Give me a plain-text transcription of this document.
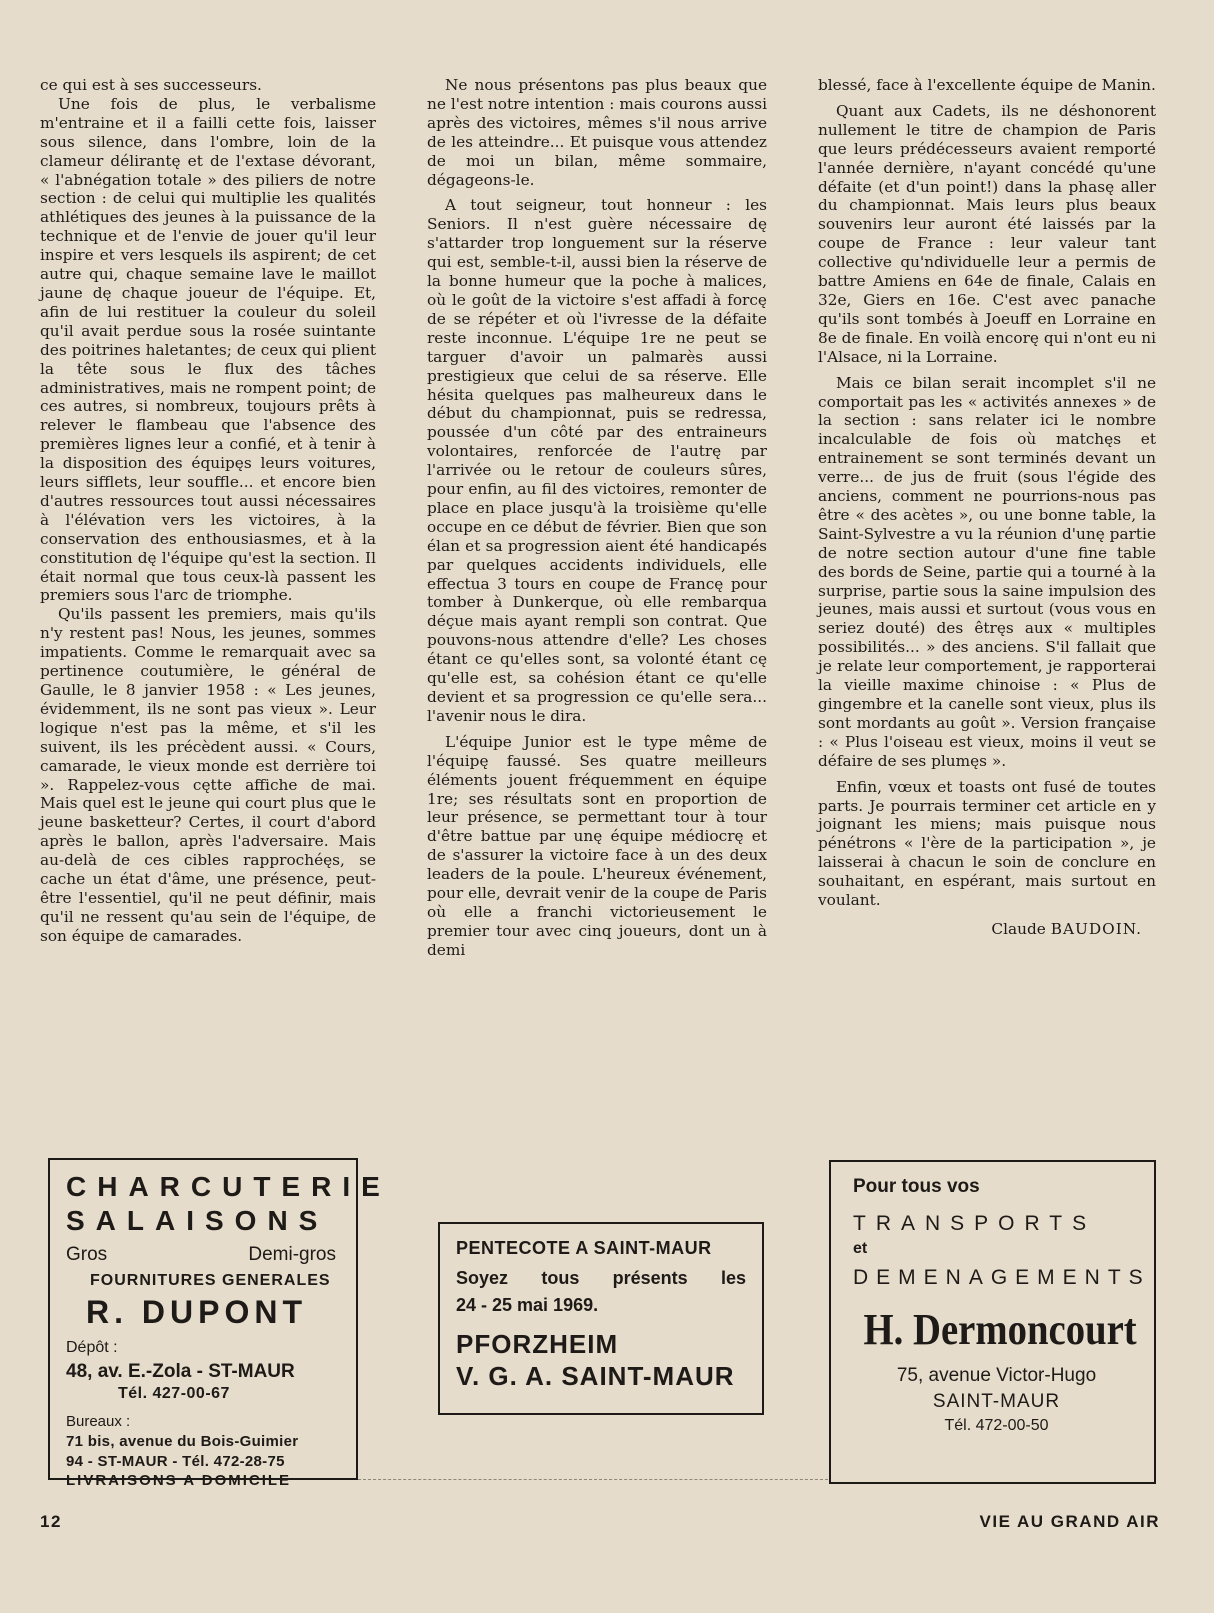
ce qui est à ses successeurs.

Une fois de plus, le verbalisme m'entraine et il a failli cette fois, laisser sous silence, dans l'ombre, loin de la clameur délirantę et de l'extase dévorant, « l'abnégation totale » des piliers de notre section : de celui qui multiplie les qualités athlétiques des jeunes à la puissance de la technique et de l'envie de jouer qu'il leur inspire et vers lesquels ils aspirent; de cet autre qui, chaque semaine lave le maillot jaune dę chaque joueur de l'équipe. Et, afin de lui restituer la couleur du soleil qu'il avait perdue sous la rosée suintante des poitrines haletantes; de ceux qui plient la tête sous le flux des tâches administratives, mais ne rompent point; de ces autres, si nombreux, toujours prêts à relever le flambeau que l'absence des premières lignes leur a confié, et à tenir à la disposition des équipęs leurs voitures, leurs sifflets, leur souffle... et encore bien d'autres ressources tout aussi nécessaires à l'élévation vers les victoires, à la conservation des enthousiasmes, et à la constitution dę l'équipe qu'est la section. Il était normal que tous ceux-là passent les premiers sous l'arc de triomphe.

Qu'ils passent les premiers, mais qu'ils n'y restent pas! Nous, les jeunes, sommes impatients. Comme le remarquait avec sa pertinence coutumière, le général de Gaulle, le 8 janvier 1958 : « Les jeunes, évidemment, ils ne sont pas vieux ». Leur logique n'est pas la même, et s'il les suivent, ils les précèdent aussi. « Cours, camarade, le vieux monde est derrière toi ». Rappelez-vous cętte affiche de mai. Mais quel est le jeune qui court plus que le jeune basketteur? Certes, il court d'abord après le ballon, après l'adversaire. Mais au-delà de ces cibles rapprochéęs, se cache un état d'âme, une présence, peut-être l'essentiel, qu'il ne peut définir, mais qu'il ne ressent qu'au sein de l'équipe, de son équipe de camarades.

Ne nous présentons pas plus beaux que ne l'est notre intention : mais courons aussi après des victoires, mêmes s'il nous arrive de les atteindre... Et puisque vous attendez de moi un bilan, même sommaire, dégageons-le.

A tout seigneur, tout honneur : les Seniors. Il n'est guère nécessaire dę s'attarder trop longuement sur la réserve qui est, semble-t-il, aussi bien la réserve de la bonne humeur que la poche à malices, où le goût de la victoire s'est affadi à forcę de se répéter et où l'ivresse de la défaite reste inconnue. L'équipe 1re ne peut se targuer d'avoir un palmarès aussi prestigieux que celui de sa réserve. Elle hésita quelques pas malheureux dans le début du championnat, puis se redressa, poussée d'un côté par des entraineurs volontaires, renforcée de l'autrę par l'arrivée ou le retour de couleurs sûres, pour enfin, au fil des victoires, remonter de place en place jusqu'à la troisième qu'elle occupe en ce début de février. Bien que son élan et sa progression aient été handicapés par quelques accidents individuels, elle effectua 3 tours en coupe de Francę pour tomber à Dunkerque, où elle rembarqua déçue mais ayant rempli son contrat. Que pouvons-nous attendre d'elle? Les choses étant ce qu'elles sont, sa volonté étant cę qu'elle est, sa cohésion étant ce qu'elle devient et sa progression ce qu'elle sera... l'avenir nous le dira.

L'équipe Junior est le type même de l'équipę faussé. Ses quatre meilleurs éléments jouent fréquemment en équipe 1re; ses résultats sont en proportion de leur présence, se permettant tour à tour d'être battue par unę équipe médiocrę et de s'assurer la victoire face à un des deux leaders de la poule. L'heureux événement, pour elle, devrait venir de la coupe de Paris où elle a franchi victorieusement le premier tour avec cinq joueurs, dont un à demi

blessé, face à l'excellente équipe de Manin.

Quant aux Cadets, ils ne déshonorent nullement le titre de champion de Paris que leurs prédécesseurs avaient remporté l'année dernière, n'ayant concédé qu'une défaite (et d'un point!) dans la phasę aller du championnat. Mais leurs plus beaux souvenirs leur auront été laissés par la coupe de France : leur valeur tant collective qu'ndividuelle leur a permis de battre Amiens en 64e de finale, Calais en 32e, Giers en 16e. C'est avec panache qu'ils sont tombés à Joeuff en Lorraine en 8e de finale. En voilà encorę qui n'ont eu ni l'Alsace, ni la Lorraine.

Mais ce bilan serait incomplet s'il ne comportait pas les « activités annexes » de la section : sans relater ici le nombre incalculable de fois où matchęs et entrainement se sont terminés devant un verre... de jus de fruit (sous l'égide des anciens, comment ne pourrions-nous pas être « des acètes », ou une bonne table, la Saint-Sylvestre a vu la réunion d'unę partie de notre section autour d'une fine table des bords de Seine, partie qui a tourné à la surprise, partie sous la saine impulsion des jeunes, mais aussi et surtout (vous vous en seriez douté) des êtręs aux « multiples possibilités... » des anciens. S'il fallait que je relate leur comportement, je rapporterai la vieille maxime chinoise : « Plus de gingembre et la canelle sont vieux, plus ils sont mordants au goût ». Version française : « Plus l'oiseau est vieux, moins il veut se défaire de ses plumęs ».

Enfin, vœux et toasts ont fusé de toutes parts. Je pourrais terminer cet article en y joignant les miens; mais puisque nous pénétrons « l'ère de la participation », je laisserai à chacun le soin de conclure en souhaitant, en espérant, mais surtout en voulant.

Claude BAUDOIN.
CHARCUTERIE
SALAISONS
Gros	Demi-gros
FOURNITURES GENERALES
R. DUPONT
Dépôt :
48, av. E.-Zola - ST-MAUR
Tél. 427-00-67
Bureaux :
71 bis, avenue du Bois-Guimier
94 - ST-MAUR - Tél. 472-28-75
LIVRAISONS A DOMICILE
PENTECOTE A SAINT-MAUR
Soyez tous présents les
24 - 25 mai 1969.
PFORZHEIM
V. G. A. SAINT-MAUR
Pour tous vos
TRANSPORTS
et
DEMENAGEMENTS
H. Dermoncourt
75, avenue Victor-Hugo
SAINT-MAUR
Tél. 472-00-50
12	VIE AU GRAND AIR
